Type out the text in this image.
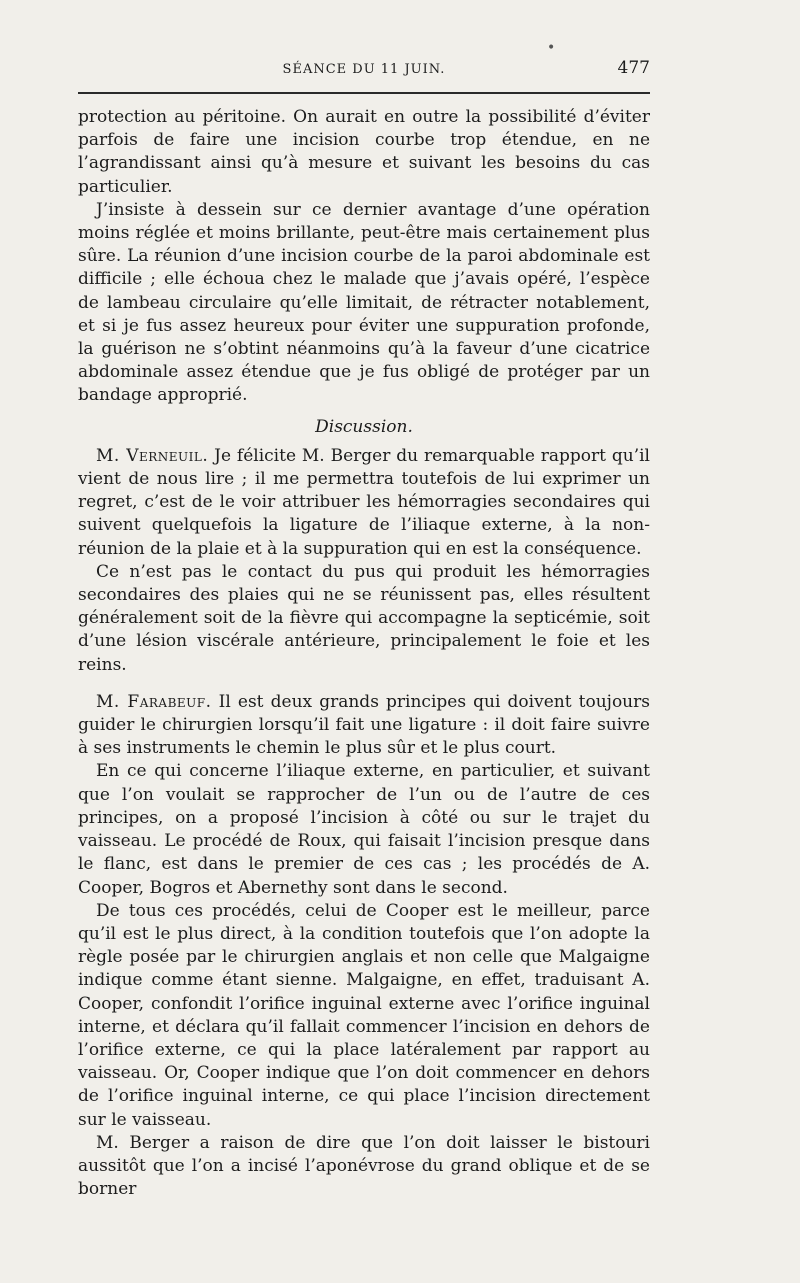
SÉANCE DU 11 JUIN.	477

protection au péritoine. On aurait en outre la possibilité d’éviter parfois de faire une incision courbe trop étendue, en ne l’agrandissant ainsi qu’à mesure et suivant les besoins du cas particulier.

J’insiste à dessein sur ce dernier avantage d’une opération moins réglée et moins brillante, peut-être mais certainement plus sûre. La réunion d’une incision courbe de la paroi abdominale est difficile ; elle échoua chez le malade que j’avais opéré, l’espèce de lambeau circulaire qu’elle limitait, de rétracter notablement, et si je fus assez heureux pour éviter une suppuration profonde, la guérison ne s’obtint néanmoins qu’à la faveur d’une cicatrice abdominale assez étendue que je fus obligé de protéger par un bandage approprié.

Discussion.

M. Verneuil. Je félicite M. Berger du remarquable rapport qu’il vient de nous lire ; il me permettra toutefois de lui exprimer un regret, c’est de le voir attribuer les hémorragies secondaires qui suivent quelquefois la ligature de l’iliaque externe, à la non-réunion de la plaie et à la suppuration qui en est la conséquence.

Ce n’est pas le contact du pus qui produit les hémorragies secondaires des plaies qui ne se réunissent pas, elles résultent généralement soit de la fièvre qui accompagne la septicémie, soit d’une lésion viscérale antérieure, principalement le foie et les reins.

M. Farabeuf. Il est deux grands principes qui doivent toujours guider le chirurgien lorsqu’il fait une ligature : il doit faire suivre à ses instruments le chemin le plus sûr et le plus court.

En ce qui concerne l’iliaque externe, en particulier, et suivant que l’on voulait se rapprocher de l’un ou de l’autre de ces principes, on a proposé l’incision à côté ou sur le trajet du vaisseau. Le procédé de Roux, qui faisait l’incision presque dans le flanc, est dans le premier de ces cas ; les procédés de A. Cooper, Bogros et Abernethy sont dans le second.

De tous ces procédés, celui de Cooper est le meilleur, parce qu’il est le plus direct, à la condition toutefois que l’on adopte la règle posée par le chirurgien anglais et non celle que Malgaigne indique comme étant sienne. Malgaigne, en effet, traduisant A. Cooper, confondit l’orifice inguinal externe avec l’orifice inguinal interne, et déclara qu’il fallait commencer l’incision en dehors de l’orifice externe, ce qui la place latéralement par rapport au vaisseau. Or, Cooper indique que l’on doit commencer en dehors de l’orifice inguinal interne, ce qui place l’incision directement sur le vaisseau.

M. Berger a raison de dire que l’on doit laisser le bistouri aussitôt que l’on a incisé l’aponévrose du grand oblique et de se borner

•
